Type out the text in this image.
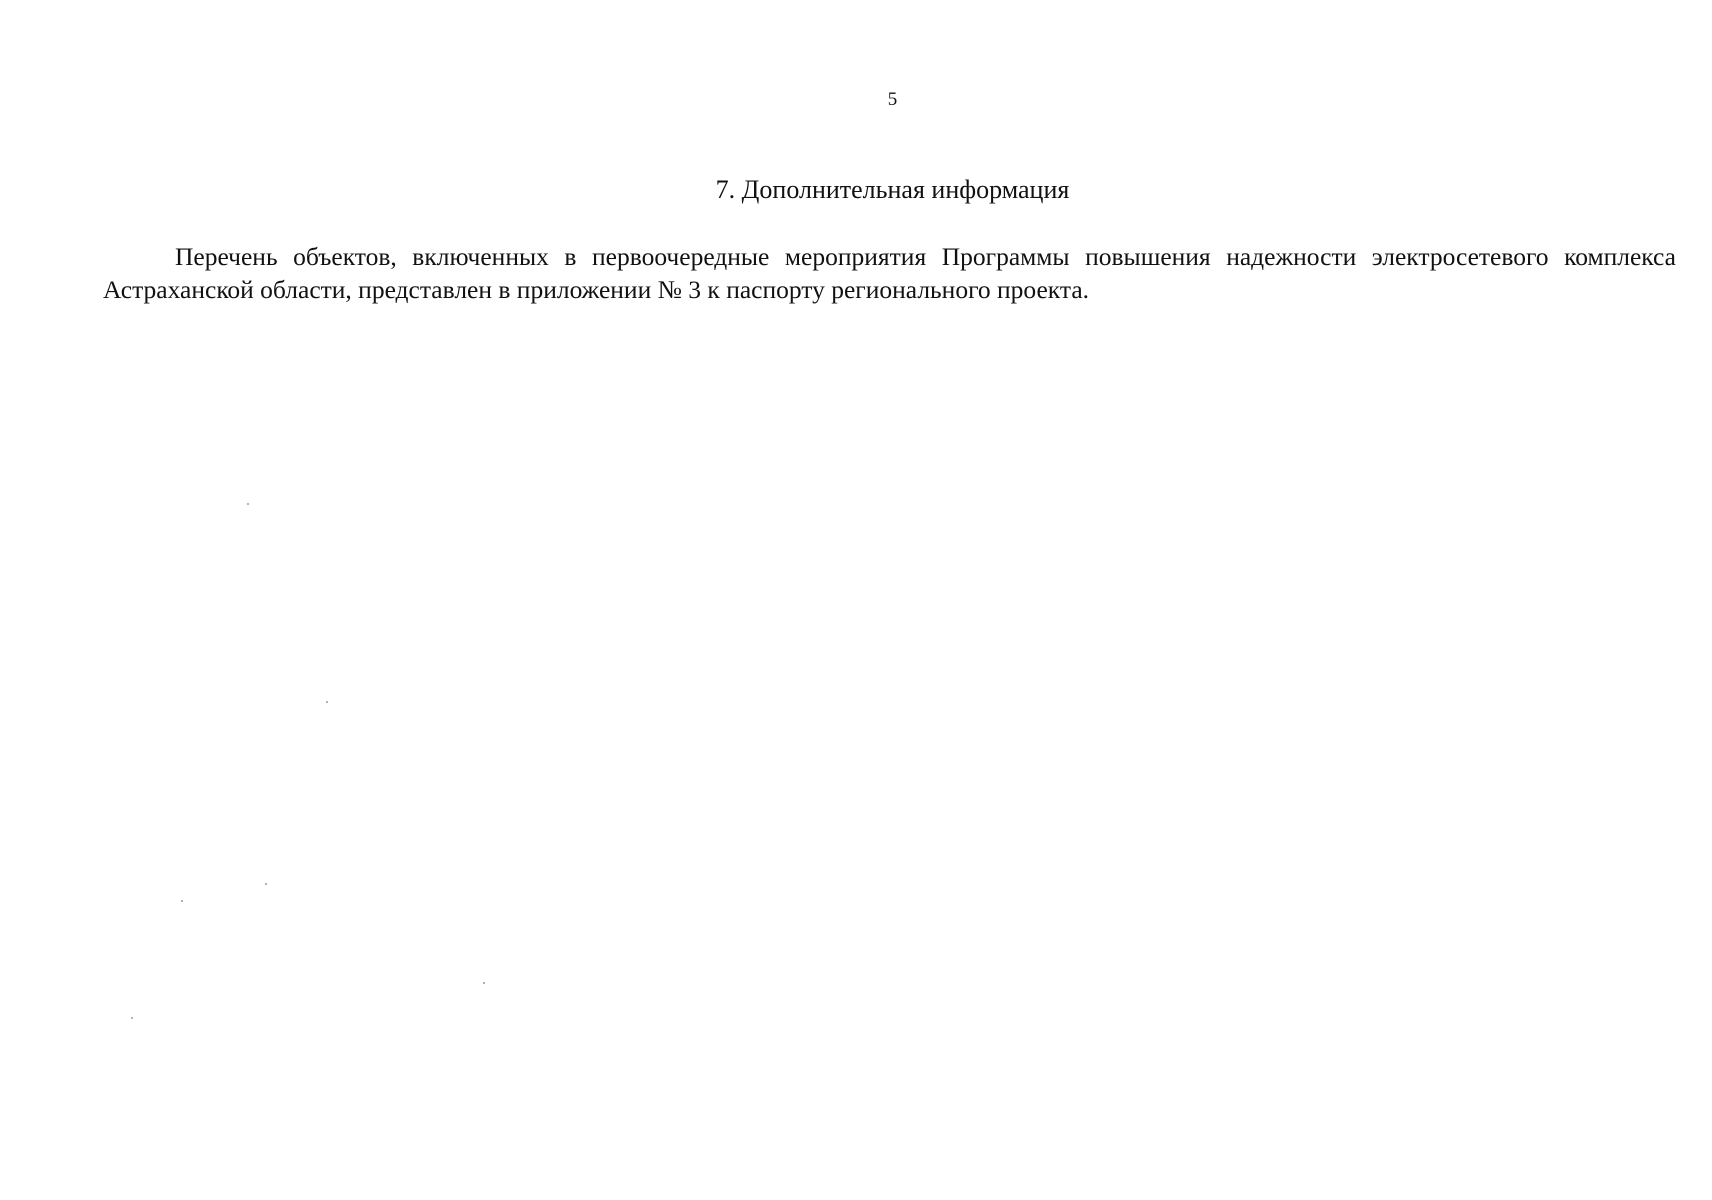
5
7. Дополнительная информация

Перечень объектов, включенных в первоочередные мероприятия Программы повышения надежности электросетевого комплекса Астраханской области, представлен в приложении № 3 к паспорту регионального проекта.
